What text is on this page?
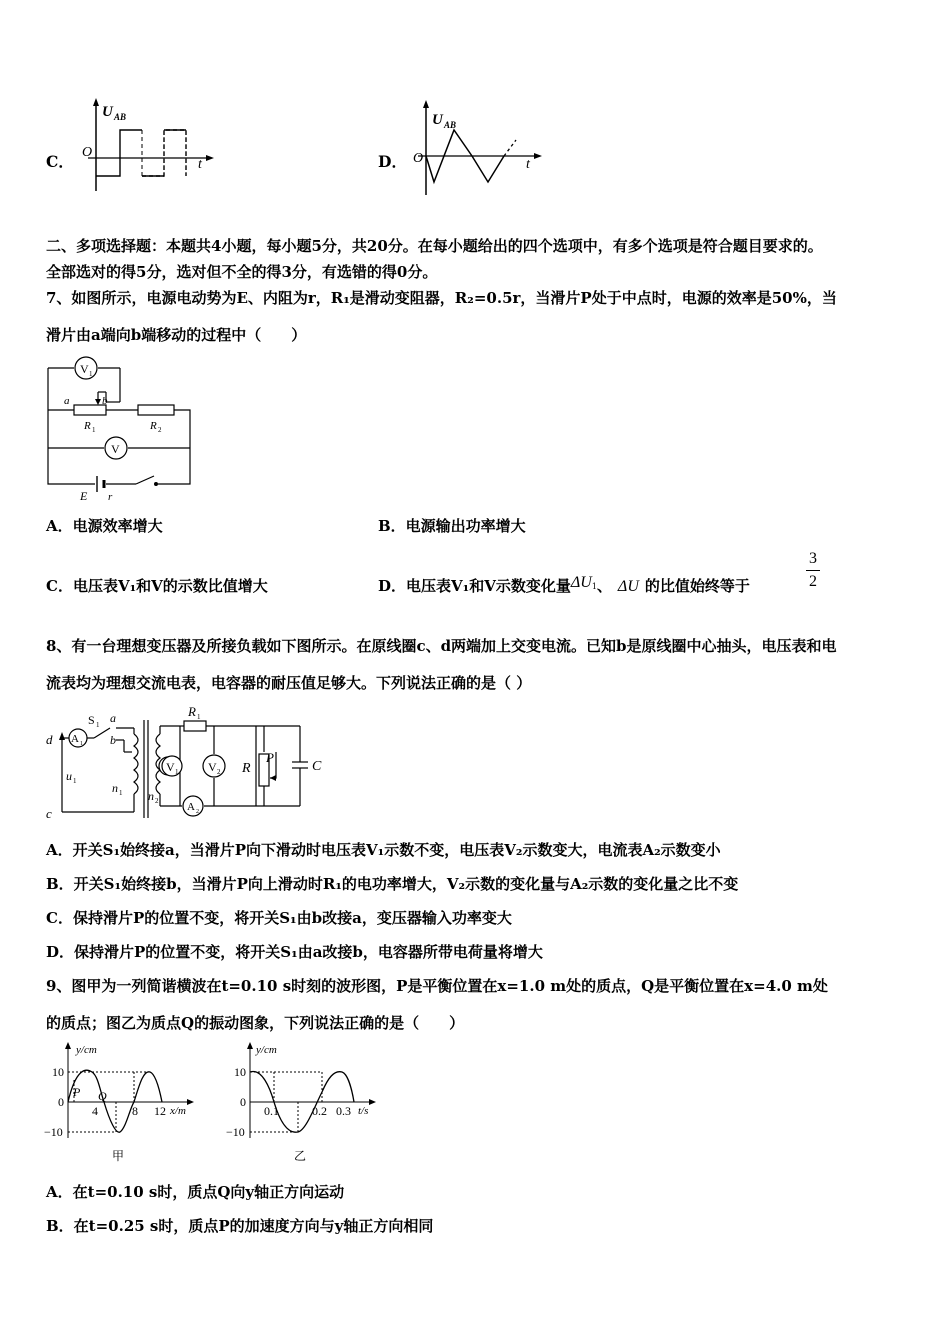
C．
U AB
O
t	D．
U AB
O	t
二、多项选择题：本题共4小题，每小题5分，共20分。在每小题给出的四个选项中，有多个选项是符合题目要求的。
全部选对的得5分，选对但不全的得3分，有选错的得0分。
7、如图所示，电源电动势为E、内阻为r，R₁是滑动变阻器，R₂=0.5r，当滑片P处于中点时，电源的效率是50%，当
滑片由a端向b端移动的过程中（　　）
V 1
V
a	b
R 1	R 2
E r
A．电源效率增大	B．电源输出功率增大
C．电压表V₁和V的示数比值增大	D．电压表V₁和V示数变化量ΔU1、 ΔU 的比值始终等于
3
2
8、有一台理想变压器及所接负载如下图所示。在原线圈c、d两端加上交变电流。已知b是原线圈中心抽头，电压表和电
流表均为理想交流电表，电容器的耐压值足够大。下列说法正确的是（ ）
A 1
V 2
A 2
V 1
d
c
S 1 a
b
u 1	n 1 n 2
R 1
R
P
C
A．开关S₁始终接a，当滑片P向下滑动时电压表V₁示数不变，电压表V₂示数变大，电流表A₂示数变小
B．开关S₁始终接b，当滑片P向上滑动时R₁的电功率增大，V₂示数的变化量与A₂示数的变化量之比不变
C．保持滑片P的位置不变，将开关S₁由b改接a，变压器输入功率变大
D．保持滑片P的位置不变，将开关S₁由a改接b，电容器所带电荷量将增大
9、图甲为一列简谐横波在t=0.10 s时刻的波形图，P是平衡位置在x=1.0 m处的质点，Q是平衡位置在x=4.0 m处
的质点；图乙为质点Q的振动图象，下列说法正确的是（　　）
y/cm
x/m
10
0
−10
4	8 12
P Q
甲
y/cm
t/s
10
0
−10
0.1	0.2 0.3
乙
A．在t=0.10 s时，质点Q向y轴正方向运动
B．在t=0.25 s时，质点P的加速度方向与y轴正方向相同
